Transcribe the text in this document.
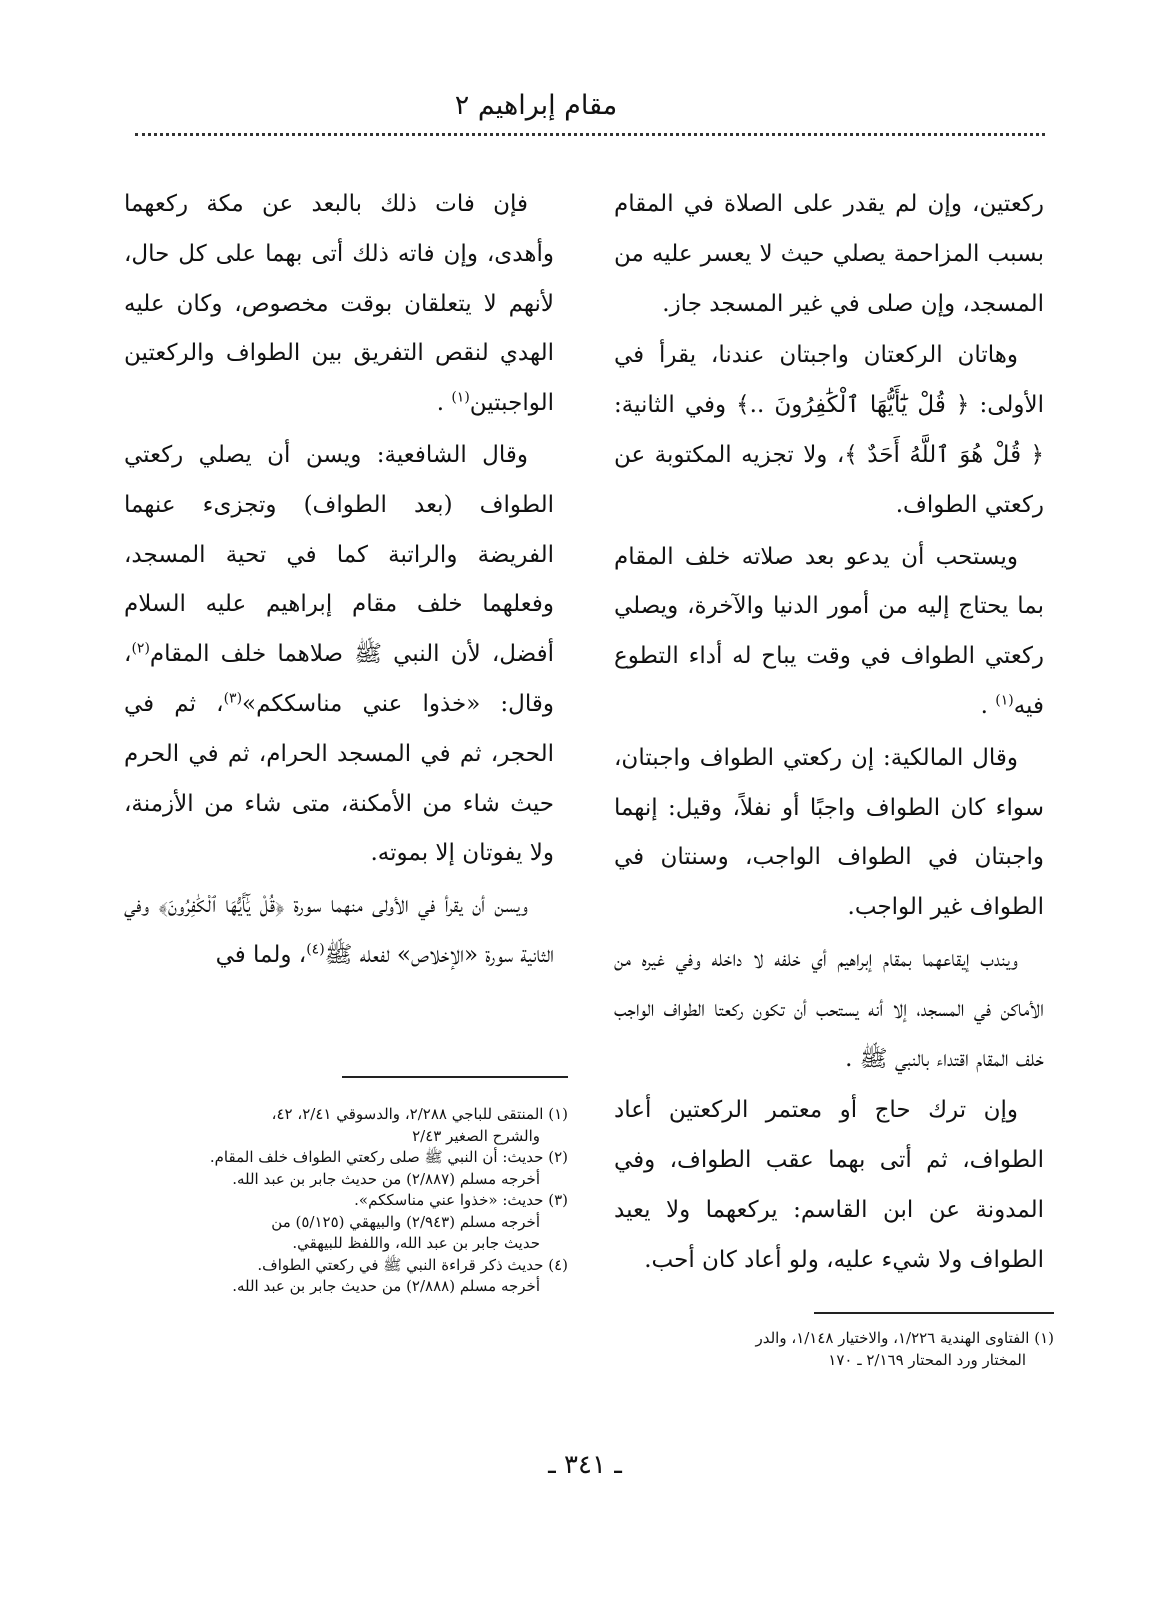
مقام إبراهيم ٢

ركعتين، وإن لم يقدر على الصلاة في المقام بسبب المزاحمة يصلي حيث لا يعسر عليه من المسجد، وإن صلى في غير المسجد جاز.

وهاتان الركعتان واجبتان عندنا، يقرأ في الأولى: ﴿ قُلْ يَٰٓأَيُّهَا ٱلْكَٰفِرُونَ ..﴾ وفي الثانية: ﴿ قُلْ هُوَ ٱللَّهُ أَحَدٌ ﴾، ولا تجزيه المكتوبة عن ركعتي الطواف.

ويستحب أن يدعو بعد صلاته خلف المقام بما يحتاج إليه من أمور الدنيا والآخرة، ويصلي ركعتي الطواف في وقت يباح له أداء التطوع فيه$^{(١)}$ .

وقال المالكية: إن ركعتي الطواف واجبتان، سواء كان الطواف واجبًا أو نفلاً، وقيل: إنهما واجبتان في الطواف الواجب، وسنتان في الطواف غير الواجب.

ويندب إيقاعهما بمقام إبراهيم أي خلفه لا داخله وفي غيره من الأماكن في المسجد، إلا أنه يستحب أن تكون ركعتا الطواف الواجب خلف المقام اقتداء بالنبي ﷺ .

وإن ترك حاج أو معتمر الركعتين أعاد الطواف، ثم أتى بهما عقب الطواف، وفي المدونة عن ابن القاسم: يركعهما ولا يعيد الطواف ولا شيء عليه، ولو أعاد كان أحب.

فإن فات ذلك بالبعد عن مكة ركعهما وأهدى، وإن فاته ذلك أتى بهما على كل حال، لأنهم لا يتعلقان بوقت مخصوص، وكان عليه الهدي لنقص التفريق بين الطواف والركعتين الواجبتين$^{(١)}$ .

وقال الشافعية: ويسن أن يصلي ركعتي الطواف (بعد الطواف) وتجزىء عنهما الفريضة والراتبة كما في تحية المسجد، وفعلهما خلف مقام إبراهيم عليه السلام أفضل، لأن النبي ﷺ صلاهما خلف المقام$^{(٢)}$، وقال: «خذوا عني مناسككم»$^{(٣)}$، ثم في الحجر، ثم في المسجد الحرام، ثم في الحرم حيث شاء من الأمكنة، متى شاء من الأزمنة، ولا يفوتان إلا بموته.

ويسن أن يقرأ في الأولى منهما سورة ﴿قُلْ يَٰٓأَيُّهَا ٱلْكَٰفِرُونَ﴾ وفي الثانية سورة «الإخلاص» لفعله ﷺ$^{(٤)}$، ولما في

(١) الفتاوى الهندية ١/٢٢٦، والاختيار ١/١٤٨، والدر

المختار ورد المحتار ٢/١٦٩ ـ ١٧٠

(١) المنتقى للباجي ٢/٢٨٨، والدسوقي ٢/٤١، ٤٢،

والشرح الصغير ٢/٤٣

(٢) حديث: أن النبي ﷺ صلى ركعتي الطواف خلف المقام.

أخرجه مسلم (٢/٨٨٧) من حديث جابر بن عبد الله.

(٣) حديث: «خذوا عني مناسككم».

أخرجه مسلم (٢/٩٤٣) والبيهقي (٥/١٢٥) من

حديث جابر بن عبد الله، واللفظ للبيهقي.

(٤) حديث ذكر قراءة النبي ﷺ في ركعتي الطواف.

أخرجه مسلم (٢/٨٨٨) من حديث جابر بن عبد الله.

ـ ٣٤١ ـ
